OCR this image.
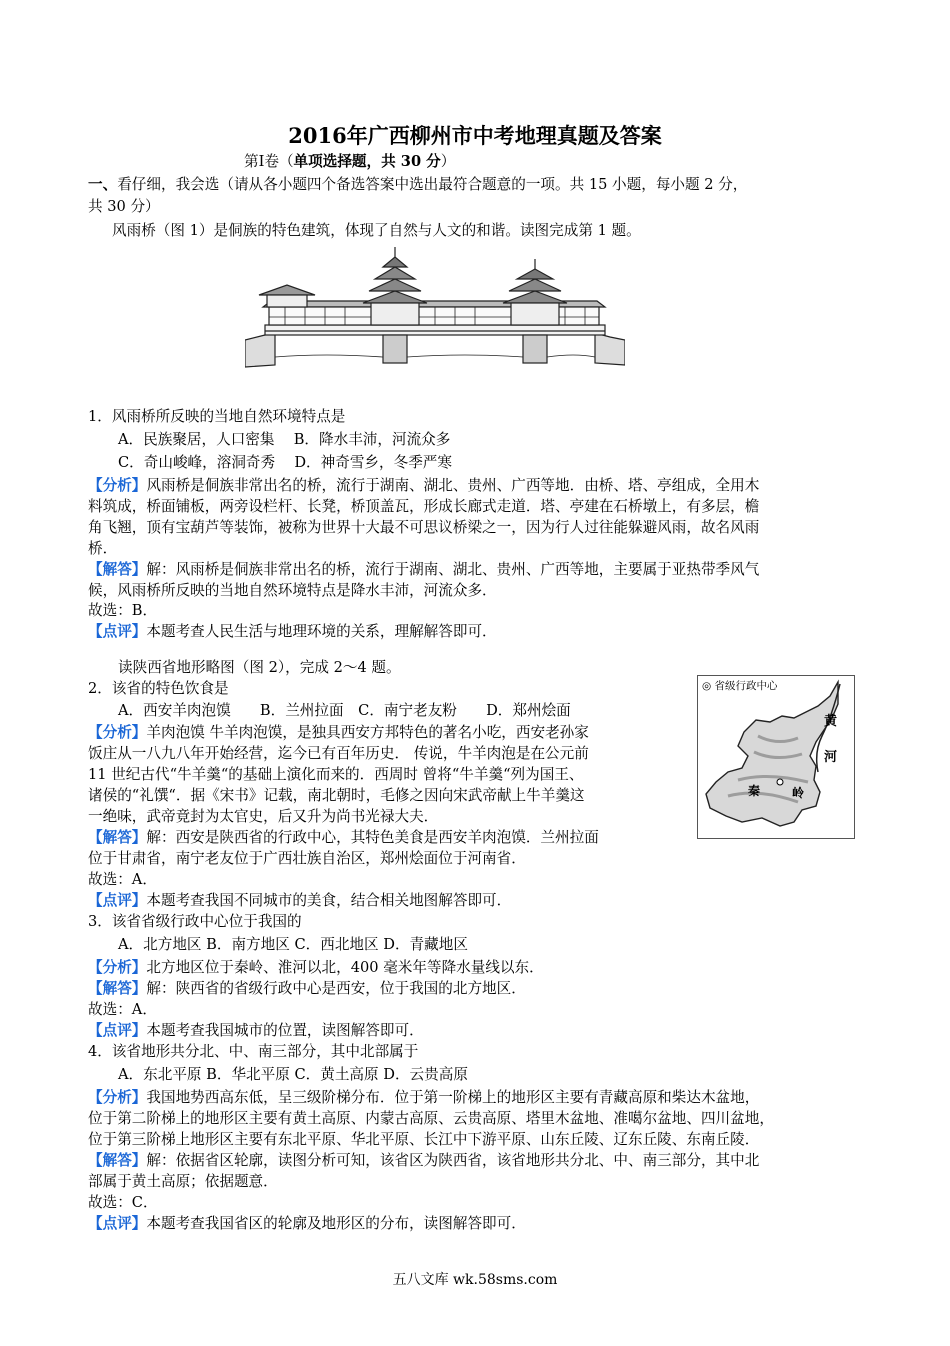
2016年广西柳州市中考地理真题及答案

第Ⅰ卷（单项选择题，共 30 分）

一、看仔细，我会选（请从各小题四个备选答案中选出最符合题意的一项。共 15 小题，每小题 2 分，

共 30 分）

风雨桥（图 1）是侗族的特色建筑，体现了自然与人文的和谐。读图完成第 1 题。

1．风雨桥所反映的当地自然环境特点是

A．民族聚居，人口密集　 B．降水丰沛，河流众多

C．奇山峻峰，溶洞奇秀　 D．神奇雪乡，冬季严寒

【分析】风雨桥是侗族非常出名的桥，流行于湖南、湖北、贵州、广西等地．由桥、塔、亭组成，全用木

料筑成，桥面铺板，两旁设栏杆、长凳，桥顶盖瓦，形成长廊式走道．塔、亭建在石桥墩上，有多层，檐

角飞翘，顶有宝葫芦等装饰，被称为世界十大最不可思议桥梁之一，因为行人过往能躲避风雨，故名风雨

桥．

【解答】解：风雨桥是侗族非常出名的桥，流行于湖南、湖北、贵州、广西等地，主要属于亚热带季风气

候，风雨桥所反映的当地自然环境特点是降水丰沛，河流众多．

故选：B．

【点评】本题考查人民生活与地理环境的关系，理解解答即可．

读陕西省地形略图（图 2），完成 2～4 题。

◎ 省级行政中心
黄
河
秦	岭

2．该省的特色饮食是

A．西安羊肉泡馍　　B．兰州拉面　C．南宁老友粉　　D．郑州烩面

【分析】羊肉泡馍 牛羊肉泡馍，是独具西安方邦特色的著名小吃，西安老孙家

饭庄从一八九八年开始经营，迄今已有百年历史． 传说，牛羊肉泡是在公元前

11 世纪古代“牛羊羹“的基础上演化而来的．西周时 曾将“牛羊羹“列为国王、

诸侯的“礼馔“．据《宋书》记载，南北朝时，毛修之因向宋武帝献上牛羊羹这

一绝味，武帝竟封为太官史，后又升为尚书光禄大夫．

【解答】解：西安是陕西省的行政中心，其特色美食是西安羊肉泡馍．兰州拉面

位于甘肃省，南宁老友位于广西壮族自治区，郑州烩面位于河南省．

故选：A．

【点评】本题考查我国不同城市的美食，结合相关地图解答即可．

3．该省省级行政中心位于我国的

A．北方地区 B．南方地区 C．西北地区 D．青藏地区

【分析】北方地区位于秦岭、淮河以北，400 毫米年等降水量线以东．

【解答】解：陕西省的省级行政中心是西安，位于我国的北方地区．

故选：A．

【点评】本题考查我国城市的位置，读图解答即可．

4．该省地形共分北、中、南三部分，其中北部属于

A．东北平原 B．华北平原 C．黄土高原 D．云贵高原

【分析】我国地势西高东低，呈三级阶梯分布．位于第一阶梯上的地形区主要有青藏高原和柴达木盆地，

位于第二阶梯上的地形区主要有黄土高原、内蒙古高原、云贵高原、塔里木盆地、准噶尔盆地、四川盆地，

位于第三阶梯上地形区主要有东北平原、华北平原、长江中下游平原、山东丘陵、辽东丘陵、东南丘陵．

【解答】解：依据省区轮廓，读图分析可知，该省区为陕西省，该省地形共分北、中、南三部分，其中北

部属于黄土高原；依据题意．

故选：C．

【点评】本题考查我国省区的轮廓及地形区的分布，读图解答即可．

五八文库 wk.58sms.com
